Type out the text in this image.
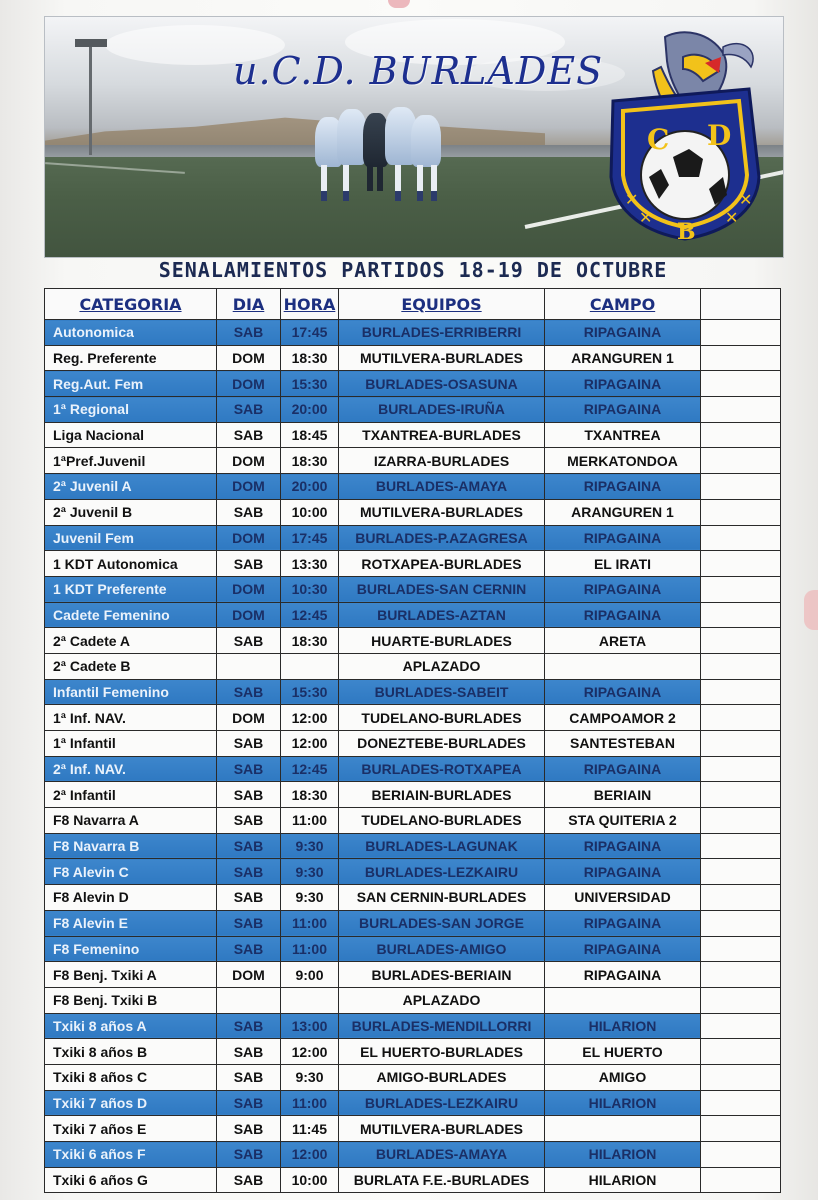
u.C.D. BURLADES
C D
B
✕
✕	✕
✕
SENALAMIENTOS PARTIDOS 18-19 DE OCTUBRE
CATEGORIA	DIA	HORA	EQUIPOS	CAMPO	
Autonomica	SAB	17:45	BURLADES-ERRIBERRI	RIPAGAINA	
Reg. Preferente	DOM	18:30	MUTILVERA-BURLADES	ARANGUREN 1	
Reg.Aut. Fem	DOM	15:30	BURLADES-OSASUNA	RIPAGAINA	
1ª Regional	SAB	20:00	BURLADES-IRUÑA	RIPAGAINA	
Liga Nacional	SAB	18:45	TXANTREA-BURLADES	TXANTREA	
1ªPref.Juvenil	DOM	18:30	IZARRA-BURLADES	MERKATONDOA	
2ª Juvenil A	DOM	20:00	BURLADES-AMAYA	RIPAGAINA	
2ª Juvenil B	SAB	10:00	MUTILVERA-BURLADES	ARANGUREN 1	
Juvenil Fem	DOM	17:45	BURLADES-P.AZAGRESA	RIPAGAINA	
1 KDT Autonomica	SAB	13:30	ROTXAPEA-BURLADES	EL IRATI	
1 KDT Preferente	DOM	10:30	BURLADES-SAN CERNIN	RIPAGAINA	
Cadete Femenino	DOM	12:45	BURLADES-AZTAN	RIPAGAINA	
2ª Cadete A	SAB	18:30	HUARTE-BURLADES	ARETA	
2ª Cadete B			APLAZADO		
Infantil Femenino	SAB	15:30	BURLADES-SABEIT	RIPAGAINA	
1ª Inf. NAV.	DOM	12:00	TUDELANO-BURLADES	CAMPOAMOR 2	
1ª Infantil	SAB	12:00	DONEZTEBE-BURLADES	SANTESTEBAN	
2ª Inf. NAV.	SAB	12:45	BURLADES-ROTXAPEA	RIPAGAINA	
2ª Infantil	SAB	18:30	BERIAIN-BURLADES	BERIAIN	
F8 Navarra A	SAB	11:00	TUDELANO-BURLADES	STA QUITERIA 2	
F8 Navarra B	SAB	9:30	BURLADES-LAGUNAK	RIPAGAINA	
F8 Alevin C	SAB	9:30	BURLADES-LEZKAIRU	RIPAGAINA	
F8 Alevin D	SAB	9:30	SAN CERNIN-BURLADES	UNIVERSIDAD	
F8 Alevin E	SAB	11:00	BURLADES-SAN JORGE	RIPAGAINA	
F8 Femenino	SAB	11:00	BURLADES-AMIGO	RIPAGAINA	
F8 Benj. Txiki A	DOM	9:00	BURLADES-BERIAIN	RIPAGAINA	
F8 Benj. Txiki B			APLAZADO		
Txiki 8 años A	SAB	13:00	BURLADES-MENDILLORRI	HILARION	
Txiki 8 años B	SAB	12:00	EL HUERTO-BURLADES	EL HUERTO	
Txiki 8 años C	SAB	9:30	AMIGO-BURLADES	AMIGO	
Txiki 7 años D	SAB	11:00	BURLADES-LEZKAIRU	HILARION	
Txiki 7 años E	SAB	11:45	MUTILVERA-BURLADES		
Txiki 6 años F	SAB	12:00	BURLADES-AMAYA	HILARION	
Txiki 6 años G	SAB	10:00	BURLATA F.E.-BURLADES	HILARION	
